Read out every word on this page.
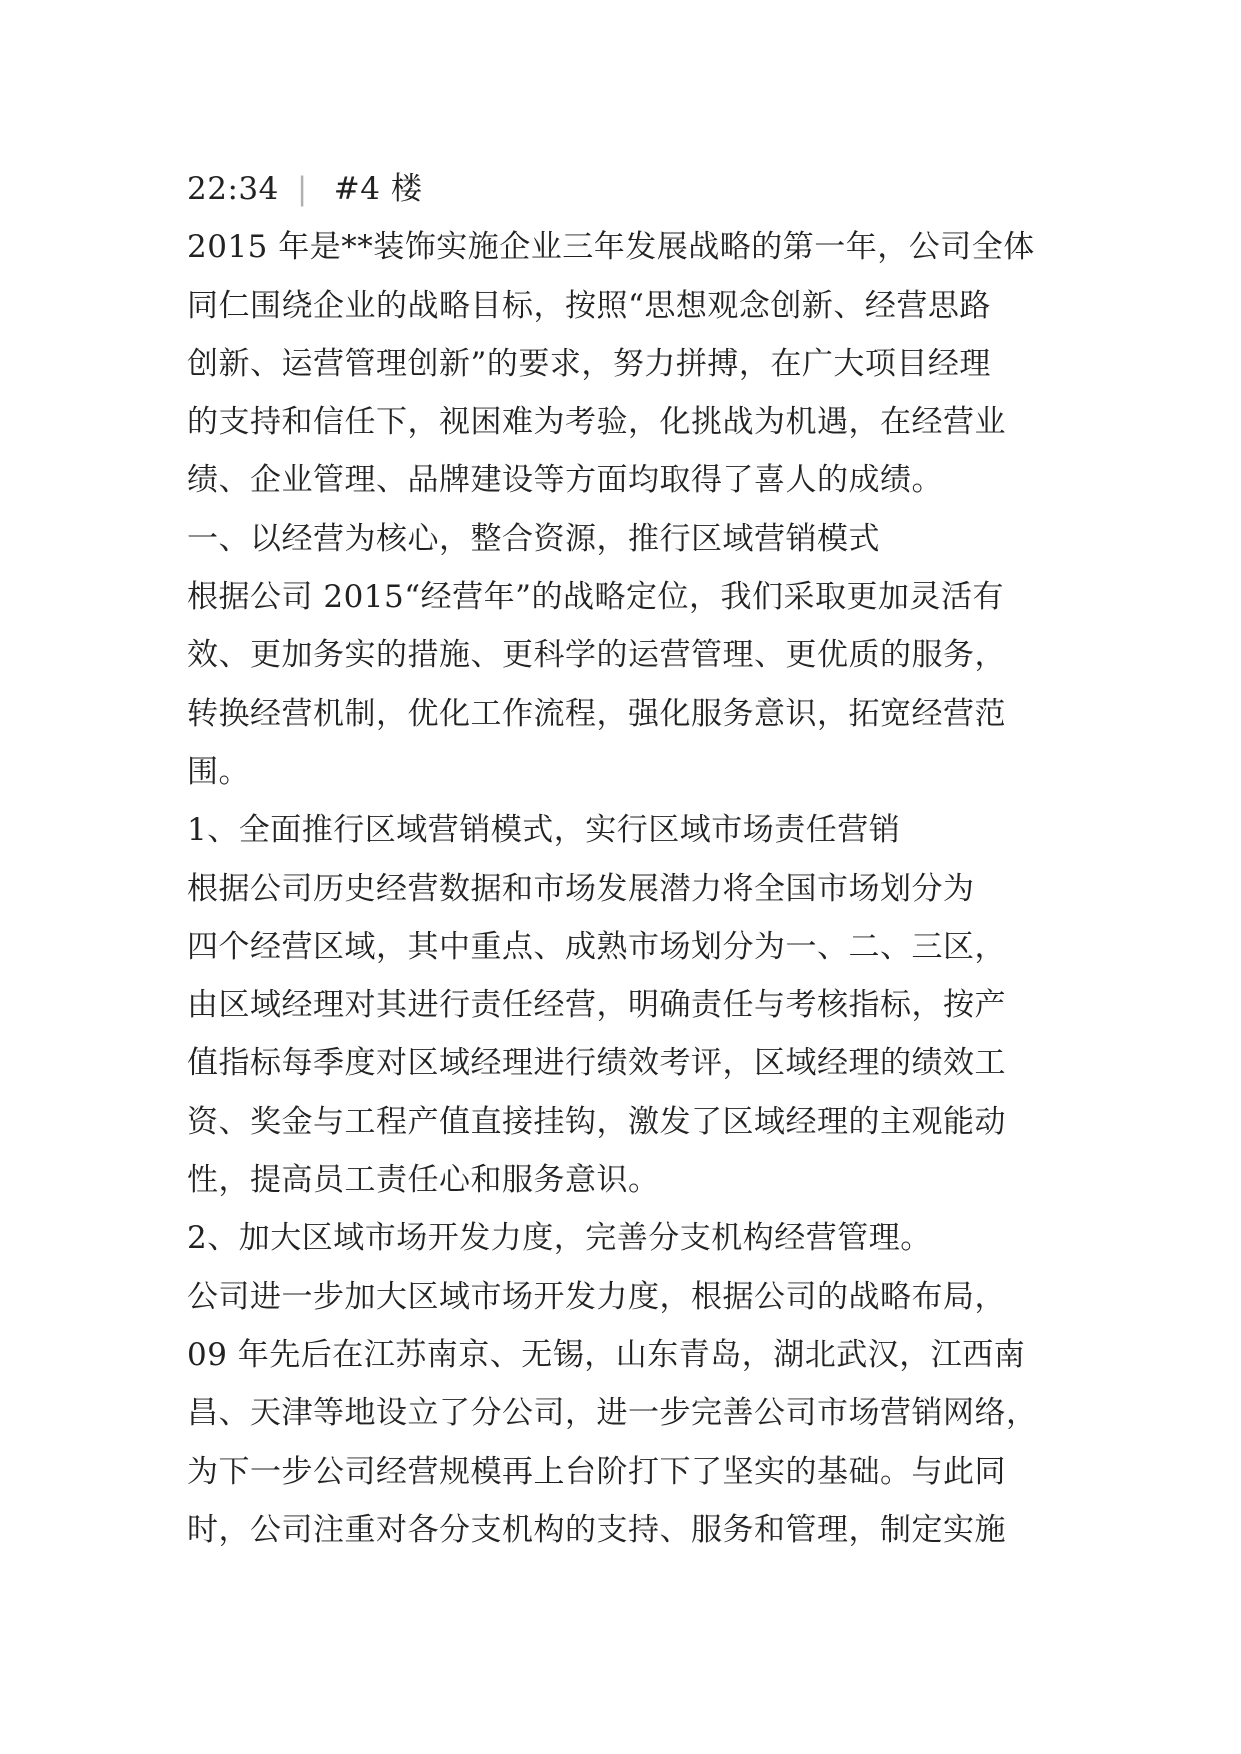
22:34 | #4 楼
2015 年是**装饰实施企业三年发展战略的第一年，公司全体
同仁围绕企业的战略目标，按照“思想观念创新、经营思路
创新、运营管理创新”的要求，努力拼搏，在广大项目经理
的支持和信任下，视困难为考验，化挑战为机遇，在经营业
绩、企业管理、品牌建设等方面均取得了喜人的成绩。
一、以经营为核心，整合资源，推行区域营销模式
根据公司 2015“经营年”的战略定位，我们采取更加灵活有
效、更加务实的措施、更科学的运营管理、更优质的服务，
转换经营机制，优化工作流程，强化服务意识，拓宽经营范
围。
1、全面推行区域营销模式，实行区域市场责任营销
根据公司历史经营数据和市场发展潜力将全国市场划分为
四个经营区域，其中重点、成熟市场划分为一、二、三区，
由区域经理对其进行责任经营，明确责任与考核指标，按产
值指标每季度对区域经理进行绩效考评，区域经理的绩效工
资、奖金与工程产值直接挂钩，激发了区域经理的主观能动
性，提高员工责任心和服务意识。
2、加大区域市场开发力度，完善分支机构经营管理。
公司进一步加大区域市场开发力度，根据公司的战略布局，
09 年先后在江苏南京、无锡，山东青岛，湖北武汉，江西南
昌、天津等地设立了分公司，进一步完善公司市场营销网络，
为下一步公司经营规模再上台阶打下了坚实的基础。与此同
时，公司注重对各分支机构的支持、服务和管理，制定实施
